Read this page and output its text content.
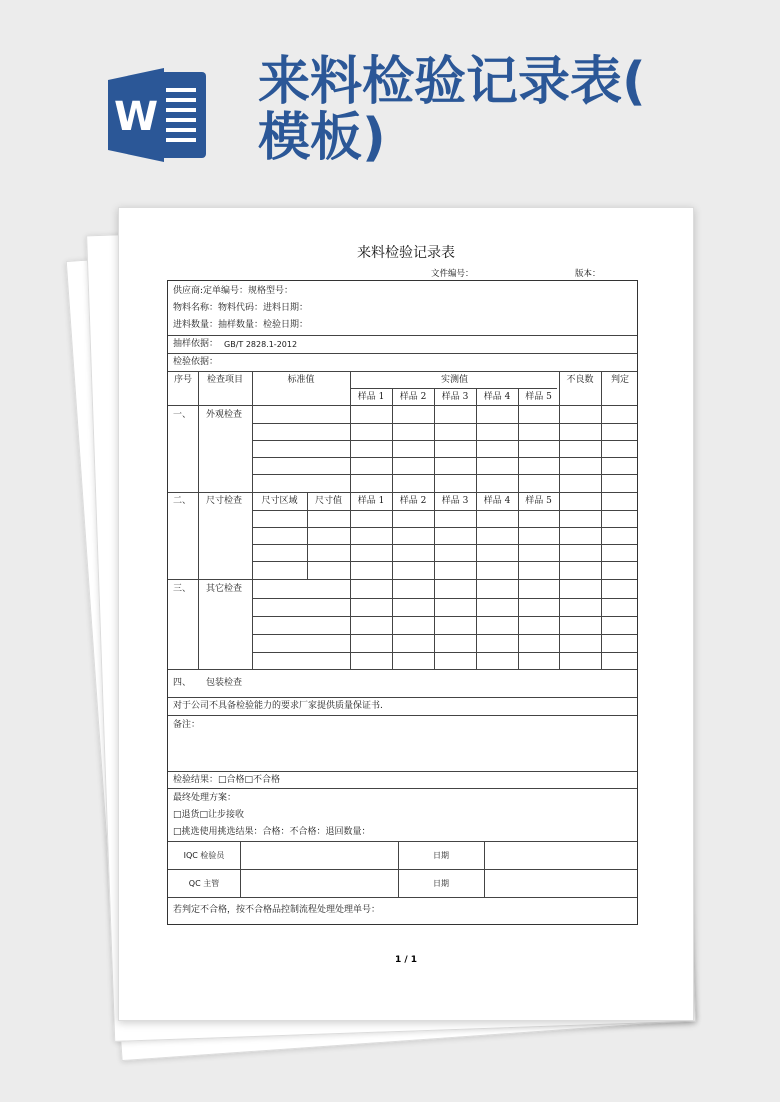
W
来料检验记录表(
模板)
来料检验记录表
文件编号：	版本：
供应商:定单编号：规格型号：
物料名称：物料代码：进料日期：
进料数量：抽样数量：检验日期：
抽样依据： GB/T 2828.1-2012
检验依据：
序号	检查项目	标准值	实测值	不良数	判定
样品 1	样品 2	样品 3	样品 4	样品 5
一、 外观检查
二、 尺寸检查	尺寸区域	尺寸值	样品 1	样品 2	样品 3	样品 4	样品 5
三、 其它检查
四、 包装检查
对于公司不具备检验能力的要求厂家提供质量保证书.
备注：
检验结果：□合格□不合格
最终处理方案：
□退货□让步接收
□挑选使用挑选结果：合格：不合格：退回数量：
IQC 检验员	日期
QC 主管	日期
若判定不合格，按不合格品控制流程处理处理单号：
1 / 1
